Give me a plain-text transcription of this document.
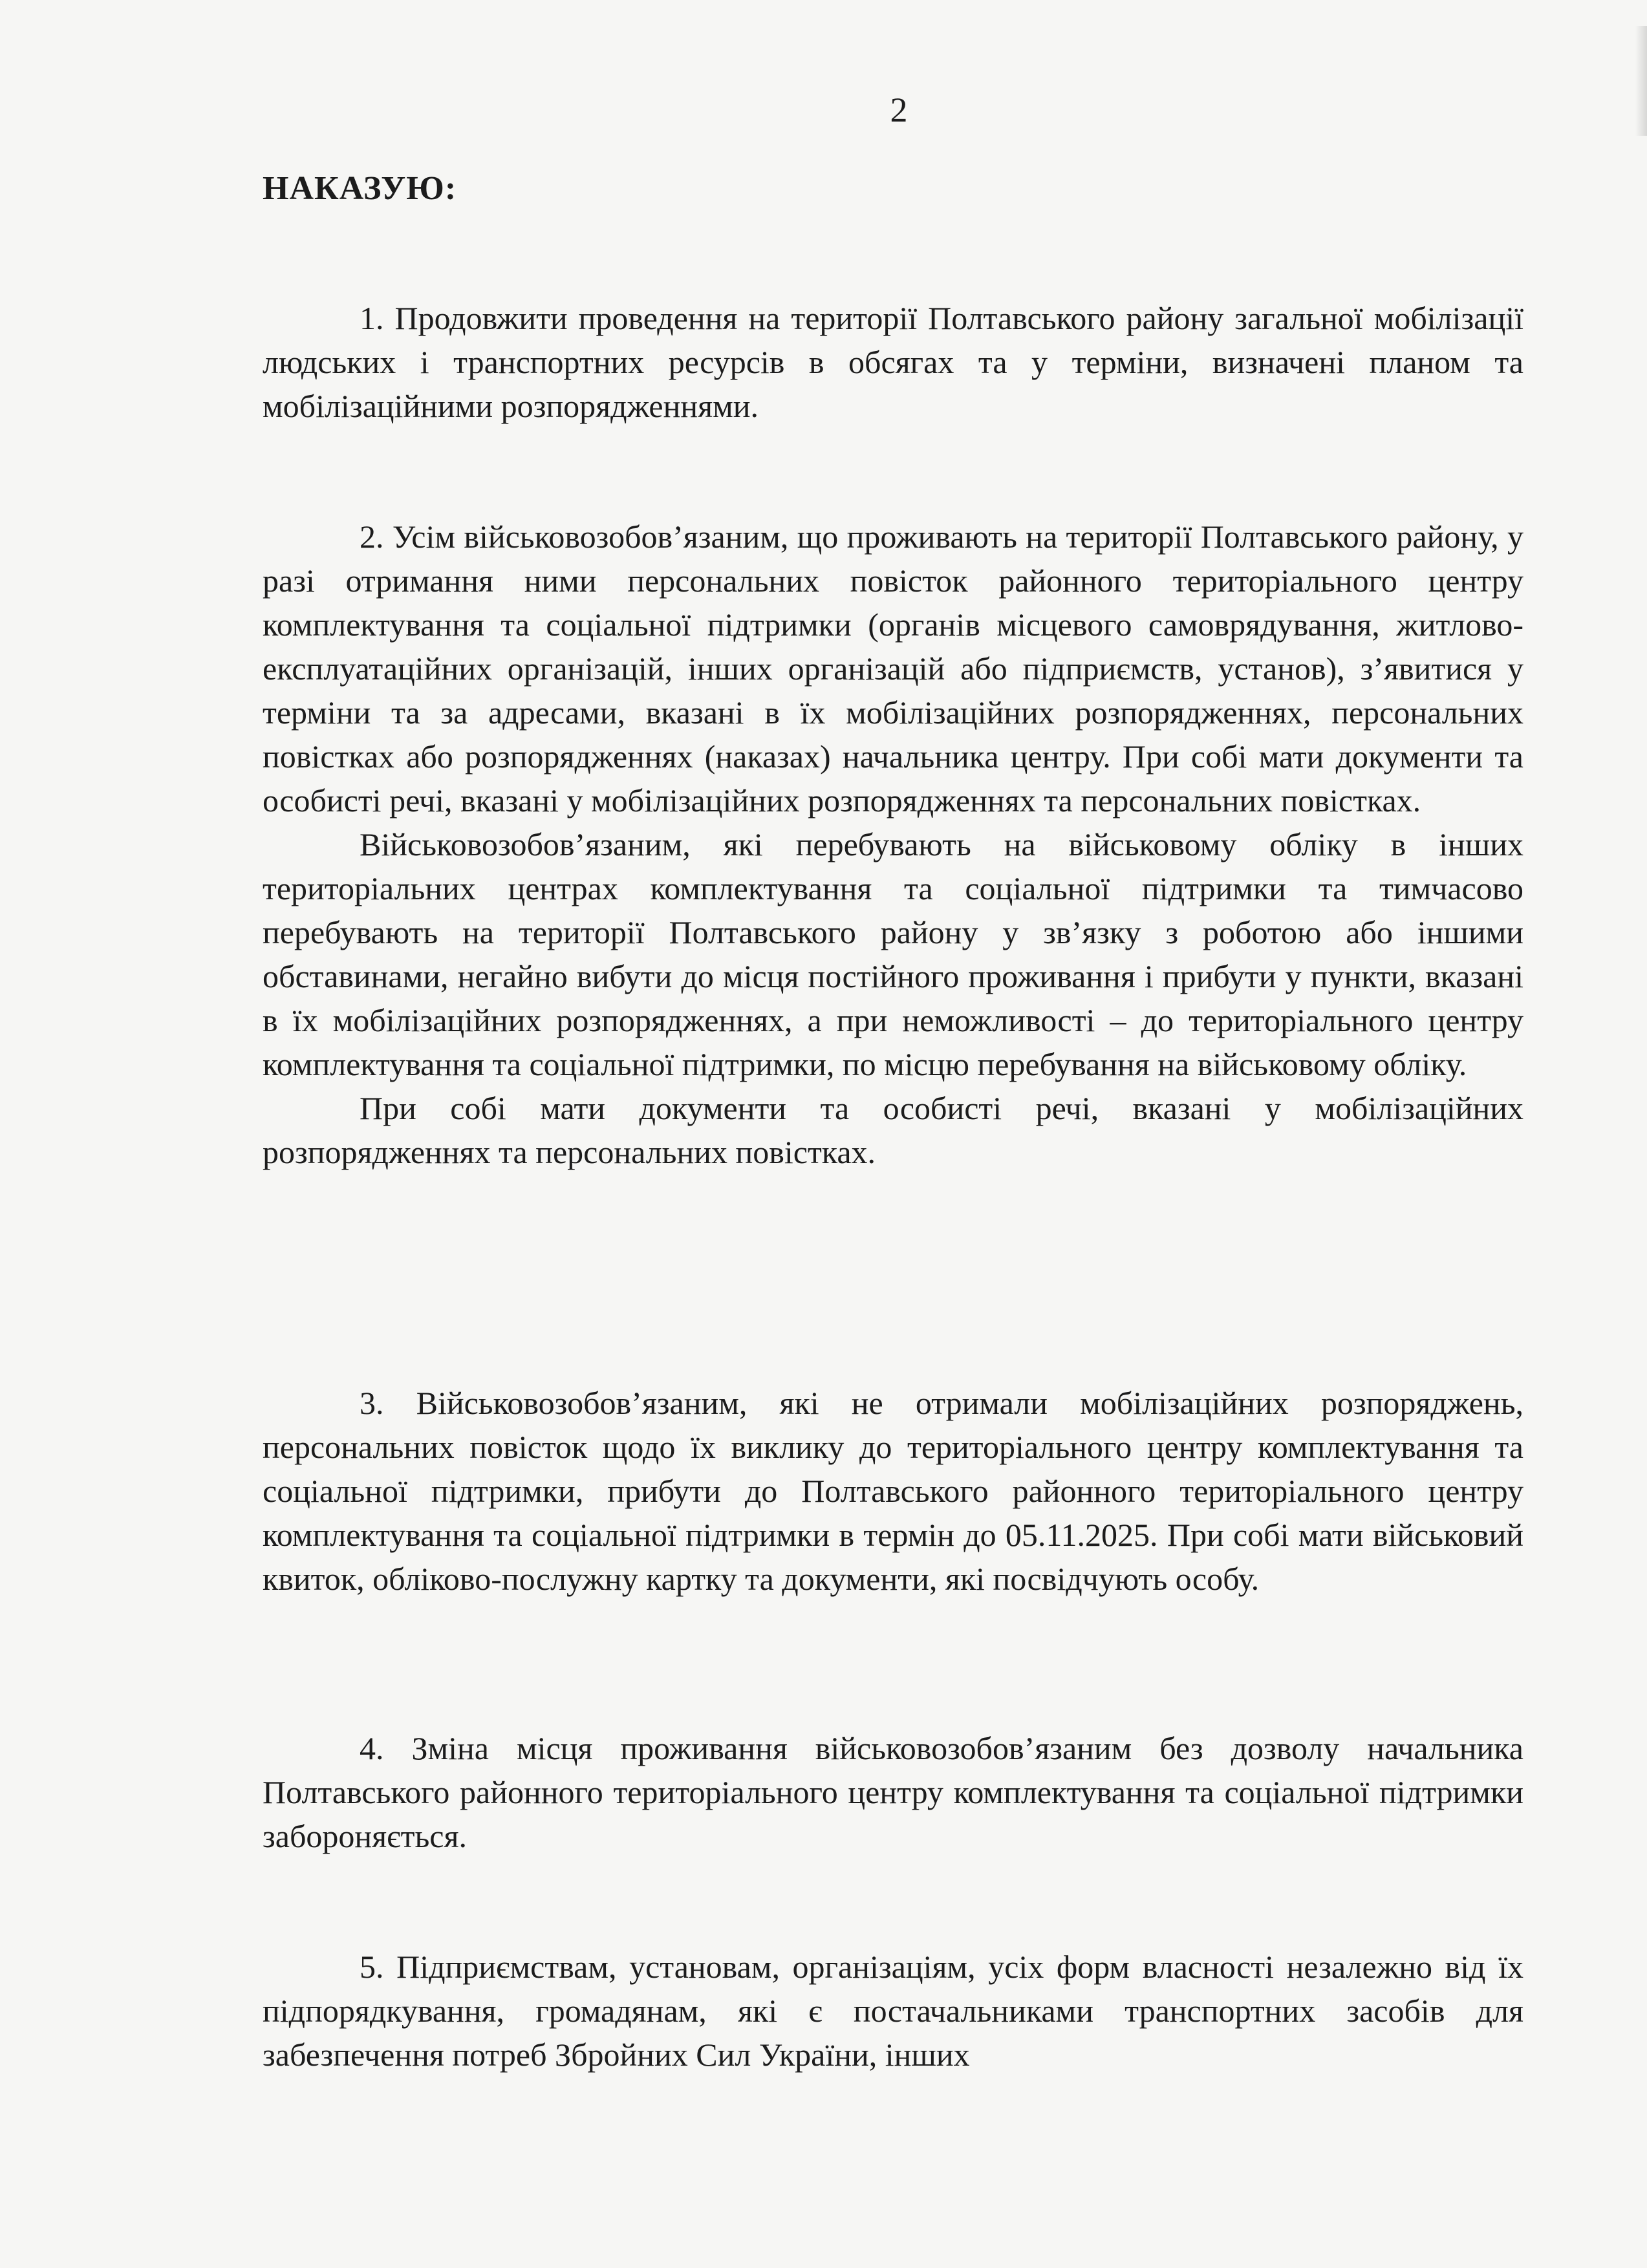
2
НАКАЗУЮ:

1. Продовжити проведення на території Полтавського району загальної мобілізації людських і транспортних ресурсів в обсягах та у терміни, визначені планом та мобілізаційними розпорядженнями.

2. Усім військовозобов’язаним, що проживають на території Полтавського району, у разі отримання ними персональних повісток районного територіального центру комплектування та соціальної підтримки (органів місцевого самоврядування, житлово-експлуатаційних організацій, інших організацій або підприємств, установ), з’явитися у терміни та за адресами, вказані в їх мобілізаційних розпорядженнях, персональних повістках або розпорядженнях (наказах) начальника центру. При собі мати документи та особисті речі, вказані у мобілізаційних розпорядженнях та персональних повістках.

Військовозобов’язаним, які перебувають на військовому обліку в інших територіальних центрах комплектування та соціальної підтримки та тимчасово перебувають на території Полтавського району у зв’язку з роботою або іншими обставинами, негайно вибути до місця постійного проживання і прибути у пункти, вказані в їх мобілізаційних розпорядженнях, а при неможливості – до територіального центру комплектування та соціальної підтримки, по місцю перебування на військовому обліку.

При собі мати документи та особисті речі, вказані у мобілізаційних розпорядженнях та персональних повістках.

3. Військовозобов’язаним, які не отримали мобілізаційних розпоряджень, персональних повісток щодо їх виклику до територіального центру комплектування та соціальної підтримки, прибути до Полтавського районного територіального центру комплектування та соціальної підтримки в термін до 05.11.2025. При собі мати військовий квиток, обліково-послужну картку та документи, які посвідчують особу.

4. Зміна місця проживання військовозобов’язаним без дозволу начальника Полтавського районного територіального центру комплектування та соціальної підтримки забороняється.

5. Підприємствам, установам, організаціям, усіх форм власності незалежно від їх підпорядкування, громадянам, які є постачальниками транспортних засобів для забезпечення потреб Збройних Сил України, інших
